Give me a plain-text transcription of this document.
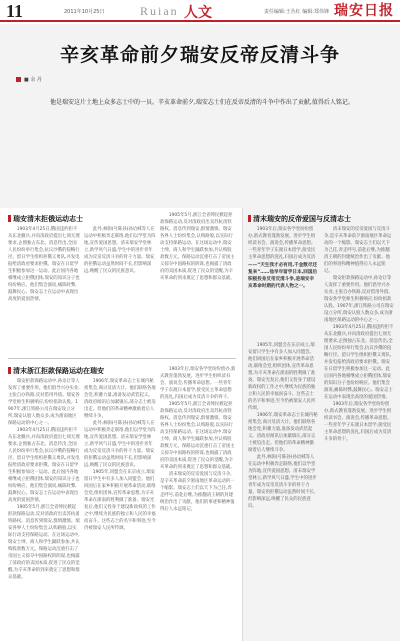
11	2011年10月25日	Ruian 人文	责任编辑:王丛红 编辑:郑伟锋 瑞安日报
辛亥革命前夕瑞安反帝反清斗争
■ 余 丹

他是瑞安这片土地上众多志士中的一员。辛亥革命前夕,瑞安志士们在反帝反清的斗争中作出了贡献,值得后人铭记。

瑞安清末拒俄运动志士

1903年4月25日,俄国违约拒不从东北撤兵,并向清政府提出七项无理要求,企图独占东北。消息传出,全国人民纷纷举行集会,抗议沙俄的侵略行径。留日学生组织拒俄义勇队,并发电报给清政府要求拒俄。瑞安在日留学生积极参加这一运动。此后国内各地相继成立拒俄团体,瑞安的知识分子也纷纷响应。他们集会演说,痛陈时弊,鼓舞民心。瑞安志士在运动中表现出高度的爱国热情。

此外,林驹(号陈孙)孙诒棫等人在运动中积极奔走联络,他们以学堂为阵地,宣传爱国思想。清末瑞安学堂林立,新学风气日盛,学生中的进步青年成为反帝反清斗争的骨干力量。瑞安的拒俄运动虽然时间不长,但影响深远,唤醒了民众的民族意识。

1905年5月,浙江全省绅民掀起拒款保路运动,反对清政府出卖苏杭甬铁路权。消息传到瑞安,群情激愤。瑞安各界人士纷纷集会,认购路股,以实际行动支持保路运动。在这场运动中,瑞安士绅、商人和学生踊跃参加,共认购股款数万元。保路运动沉重打击了帝国主义掠夺中国路权的阴谋,也揭露了清政府的卖国本质,促进了民众的觉醒,为辛亥革命的到来奠定了思想和群众基础。

清末浙江拒款保路运动在瑞安

瑞安拒款保路运动中,孙诒让等人发挥了重要作用。他们倡导兴办实业,主张自办铁路,反对借用外债。瑞安各学堂师生积极响应,纷纷捐款认股。1907年,浙江铁路公司在瑞安设立分所,瑞安认股人数众多,成为浙南地区保路运动的中心之一。

1903年4月25日,俄国违约拒不从东北撤兵,并向清政府提出七项无理要求,企图独占东北。消息传出,全国人民纷纷举行集会,抗议沙俄的侵略行径。留日学生组织拒俄义勇队,并发电报给清政府要求拒俄。瑞安在日留学生积极参加这一运动。此后国内各地相继成立拒俄团体,瑞安的知识分子也纷纷响应。他们集会演说,痛陈时弊,鼓舞民心。瑞安志士在运动中表现出高度的爱国热情。

1905年5月,浙江全省绅民掀起拒款保路运动,反对清政府出卖苏杭甬铁路权。消息传到瑞安,群情激愤。瑞安各界人士纷纷集会,认购路股,以实际行动支持保路运动。在这场运动中,瑞安士绅、商人和学生踊跃参加,共认购股款数万元。保路运动沉重打击了帝国主义掠夺中国路权的阴谋,也揭露了清政府的卖国本质,促进了民众的觉醒,为辛亥革命的到来奠定了思想和群众基础。

1906年,瑞安革命志士在城内秘密集会,商讨反清大计。他们联络各地会党,积蓄力量,准备发动武装起义。清政府闻讯后加紧镇压,部分志士被迫出走。但他们的革命精神激励着后人继续斗争。

此外,林驹(号陈孙)孙诒棫等人在运动中积极奔走联络,他们以学堂为阵地,宣传爱国思想。清末瑞安学堂林立,新学风气日盛,学生中的进步青年成为反帝反清斗争的骨干力量。瑞安的拒俄运动虽然时间不长,但影响深远,唤醒了民众的民族意识。

1905年,同盟会在东京成立,瑞安留日学生中有多人加入同盟会。他们回国后在家乡积极开展革命活动,联络会党,组织团体,宣传革命思想,为辛亥革命在浙南的胜利做了准备。瑞安光复后,他们又投身于建设新政权的工作之中,继续为民族的独立和人民的幸福而奋斗。这些志士的名字和事迹,至今仍被瑞安人民所传颂。

1903年后,瑞安各学堂纷纷创办,新式教育蓬勃发展。进步学生组织读书会、演说会,传播革命思想。一些青年学子东渡日本留学,接受民主革命思想的洗礼,归国后成为反清斗争的骨干。

1905年5月,浙江全省绅民掀起拒款保路运动,反对清政府出卖苏杭甬铁路权。消息传到瑞安,群情激愤。瑞安各界人士纷纷集会,认购路股,以实际行动支持保路运动。在这场运动中,瑞安士绅、商人和学生踊跃参加,共认购股款数万元。保路运动沉重打击了帝国主义掠夺中国路权的阴谋,也揭露了清政府的卖国本质,促进了民众的觉醒,为辛亥革命的到来奠定了思想和群众基础。

清末瑞安的反帝爱国与反清斗争,是辛亥革命前夕浙南地区革命运动的一个缩影。瑞安志士们以天下为己任,奔走呼号,前赴后继,为推翻清王朝的封建统治作出了贡献。他们的事迹和精神值得后人永远铭记。

清末瑞安的反帝爱国与反清志士

1903年后,瑞安各学堂纷纷创办,新式教育蓬勃发展。进步学生组织读书会、演说会,传播革命思想。一些青年学子东渡日本留学,接受民主革命思想的洗礼,归国后成为反清

——“天生我才必有用,千金散尽还复来”……他早年留学日本,回国后积极投身反帝反清斗争,是瑞安辛亥革命时期的代表人物之一。

1905年,同盟会在东京成立,瑞安留日学生中有多人加入同盟会。他们回国后在家乡积极开展革命活动,联络会党,组织团体,宣传革命思想,为辛亥革命在浙南的胜利做了准备。瑞安光复后,他们又投身于建设新政权的工作之中,继续为民族的独立和人民的幸福而奋斗。这些志士的名字和事迹,至今仍被瑞安人民所传颂。

1906年,瑞安革命志士在城内秘密集会,商讨反清大计。他们联络各地会党,积蓄力量,准备发动武装起义。清政府闻讯后加紧镇压,部分志士被迫出走。但他们的革命精神激励着后人继续斗争。

此外,林驹(号陈孙)孙诒棫等人在运动中积极奔走联络,他们以学堂为阵地,宣传爱国思想。清末瑞安学堂林立,新学风气日盛,学生中的进步青年成为反帝反清斗争的骨干力量。瑞安的拒俄运动虽然时间不长,但影响深远,唤醒了民众的民族意识。

清末瑞安的反帝爱国与反清斗争,是辛亥革命前夕浙南地区革命运动的一个缩影。瑞安志士们以天下为己任,奔走呼号,前赴后继,为推翻清王朝的封建统治作出了贡献。他们的事迹和精神值得后人永远铭记。

瑞安拒款保路运动中,孙诒让等人发挥了重要作用。他们倡导兴办实业,主张自办铁路,反对借用外债。瑞安各学堂师生积极响应,纷纷捐款认股。1907年,浙江铁路公司在瑞安设立分所,瑞安认股人数众多,成为浙南地区保路运动的中心之一。

1903年4月25日,俄国违约拒不从东北撤兵,并向清政府提出七项无理要求,企图独占东北。消息传出,全国人民纷纷举行集会,抗议沙俄的侵略行径。留日学生组织拒俄义勇队,并发电报给清政府要求拒俄。瑞安在日留学生积极参加这一运动。此后国内各地相继成立拒俄团体,瑞安的知识分子也纷纷响应。他们集会演说,痛陈时弊,鼓舞民心。瑞安志士在运动中表现出高度的爱国热情。

1903年后,瑞安各学堂纷纷创办,新式教育蓬勃发展。进步学生组织读书会、演说会,传播革命思想。一些青年学子东渡日本留学,接受民主革命思想的洗礼,归国后成为反清斗争的骨干。
